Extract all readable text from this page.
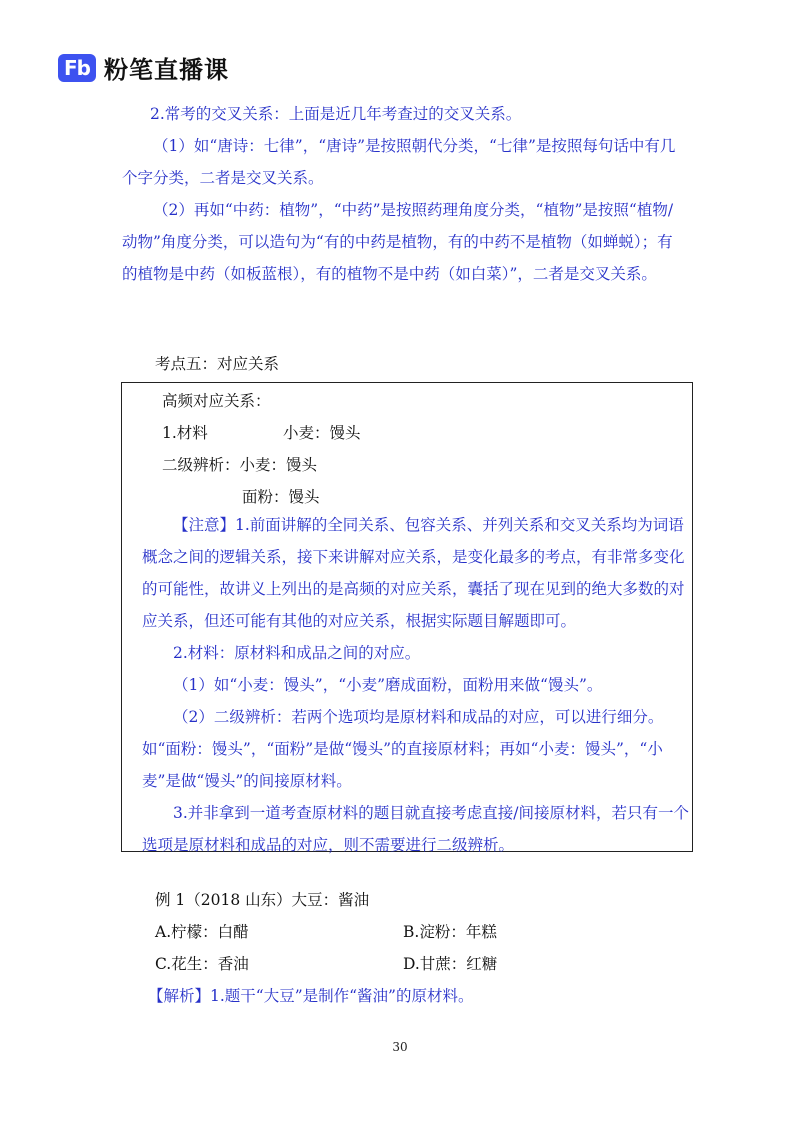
Fb 粉笔直播课
2.常考的交叉关系：上面是近几年考查过的交叉关系。
（1）如“唐诗：七律”，“唐诗”是按照朝代分类，“七律”是按照每句话中有几个字分类，二者是交叉关系。
（2）再如“中药：植物”，“中药”是按照药理角度分类，“植物”是按照“植物/动物”角度分类，可以造句为“有的中药是植物，有的中药不是植物（如蝉蜕）；有的植物是中药（如板蓝根），有的植物不是中药（如白菜）”，二者是交叉关系。
考点五：对应关系
高频对应关系：
1.材料	小麦：馒头
二级辨析：小麦：馒头
面粉：馒头
【注意】1.前面讲解的全同关系、包容关系、并列关系和交叉关系均为词语概念之间的逻辑关系，接下来讲解对应关系，是变化最多的考点，有非常多变化的可能性，故讲义上列出的是高频的对应关系，囊括了现在见到的绝大多数的对应关系，但还可能有其他的对应关系，根据实际题目解题即可。
2.材料：原材料和成品之间的对应。
（1）如“小麦：馒头”，“小麦”磨成面粉，面粉用来做“馒头”。
（2）二级辨析：若两个选项均是原材料和成品的对应，可以进行细分。如“面粉：馒头”，“面粉”是做“馒头”的直接原材料；再如“小麦：馒头”，“小麦”是做“馒头”的间接原材料。
3.并非拿到一道考查原材料的题目就直接考虑直接/间接原材料，若只有一个选项是原材料和成品的对应，则不需要进行二级辨析。
例 1（2018 山东）大豆：酱油
A.柠檬：白醋	B.淀粉：年糕
C.花生：香油	D.甘蔗：红糖
【解析】1.题干“大豆”是制作“酱油”的原材料。
30
